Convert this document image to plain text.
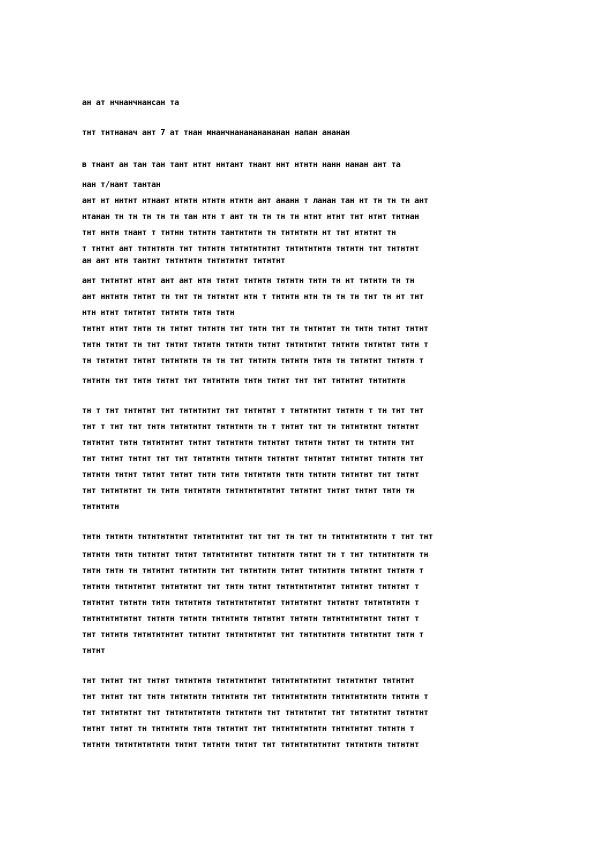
ан ат нчнанчнансан та
тнт тнтнанач ант 7 ат тнан мнанчнанананананан напан ананан
в тнант ан тан тан тант нтнт ннтант тнант ннт нтнтн нанн нанан ант та
нан т/нант тантан
ант нт ннтнт нтнант нтнтн нтнтн нтнтн ант ананн т ланан тан нт тн тн тн ант
нтанан тн тн тн тн тн тан нтн т ант тн тн тн тн нтнт нтнт тнт нтнт тнтнан
тнт ннтн тнант т тнтнн тнтнтн тантнтнтн тн тнтнтнтн нт тнт нтнтнт тн
т тнтнт ант тнтнтнтн тнт тнтнтн тнтнтнтнтнт тнтнтнтнтн тнтнтн тнт тнтнтнт
ан ант нтн тантнт тнтнтнтн тнтнтнтнт тнтнтнт
ант тнтнтнт нтнт ант ант нтн тнтнт тнтнтн тнтнтн тнтн тн нт тнтнтн тн тн
ант ннтнтн тнтнт тн тнт тн тнтнтнт нтн т тнтнтн нтн тн тн тн тнт тн нт тнт
нтн нтнт тнтнтнт тнтнтн тнтн тнтн
тнтнт нтнт тнтн тн тнтнт тнтнтн тнт тнтн тнт тн тнтнтнт тн тнтн тнтнт тнтнт
тнтн тнтнт тн тнт тнтнт тнтнтн тнтнтн тнтнт тнтнтнтнт тнтнтн тнтнтнт тнтн т
тн тнтнтнт тнтнт тнтнтнтн тн тн тнт тнтнтн тнтнтн тнтн тн тнтнтнт тнтнтн т
тнтнтн тнт тнтн тнтнт тнт тнтнтнтн тнтн тнтнт тнт тнт тнтнтнт тнтнтнтн
тн т тнт тнтнтнт тнт тнтнтнтнт тнт тнтнтнт т тнтнтнтнт тнтнтн т тн тнт тнт
тнт т тнт тнт тнтн тнтнтнтнт тнтнтнтн тн т тнтнт тнт тн тнтнтнтнт тнтнтнт
тнтнтнт тнтн тнтнтнтнт тнтнт тнтнтнтн тнтнтнт тнтнтн тнтнт тн тнтнтн тнт
тнт тнтнт тнтнт тнт тнт тнтнтнтн тнтнтн тнтнтнт тнтнтнт тнтнтнт тнтнтн тнт
тнтнтн тнтнт тнтнт тнтнт тнтн тнтн тнтнтнтн тнтн тнтнтн тнтнтнт тнт тнтнт
тнт тнтнтнтнт тн тнтн тнтнтнтн тнтнтнтнтнтнт тнтнтнт тнтнт тнтнт тнтн тн
тнтнтнтн
тнтн тнтнтн тнтнтнтнтнт тнтнтнтнтнт тнт тнт тн тнт тн тнтнтнтнтнтн т тнт тнт
тнтнтн тнтн тнтнтнт тнтнт тнтнтнтнтнт тнтнтнтн тнтнт тн т тнт тнтнтнтнтн тн
тнтн тнтн тн тнтнтнт тнтнтнтн тнт тнтнтнтн тнтнт тнтнтнтн тнтнтнт тнтнтн т
тнтнтн тнтнтнтнт тнтнтнтнт тнт тнтн тнтнт тнтнтнтнтнтнт тнтнтнт тнтнтнт т
тнтнтнт тнтнтн тнтн тнтнтнтн тнтнтнтнтнтнт тнтнтнтнт тнтнтнт тнтнтнтнтн т
тнтнтнтнтнтнт тнтнтн тнтнтн тнтнтнтн тнтнтнт тнтнтн тнтнтнтнтнтнт тнтнт т
тнт тнтнтн тнтнтнтнтнт тнтнтнт тнтнтнтнтнт тнт тнтнтнтнтн тнтнтнтнт тнтн т
тнтнт
тнт тнтнт тнт тнтнт тнтнтнтн тнтнтнтнтнт тнтнтнтнтнтнт тнтнтнтнт тнтнтнт
тнт тнтнт тнт тнтн тнтнтнтн тнтнтнтн тнт тнтнтнтнтнтн тнтнтнтнтнтн тнтнтн т
тнт тнтнтнтнт тнт тнтнтнтнтнтн тнтнтнтн тнт тнтнтнтнт тнт тнтнтнтнт тнтнтнт
тнтнт тнтнт тн тнтнтнтн тнтн тнтнтнт тнт тнтнтнтнтнтн тнтнтнтнт тнтнтн т
тнтнтн тнтнтнтнтнтн тнтнт тнтнтн тнтнт тнт тнтнтнтнтнтнт тнтнтнтн тнтнтнт
